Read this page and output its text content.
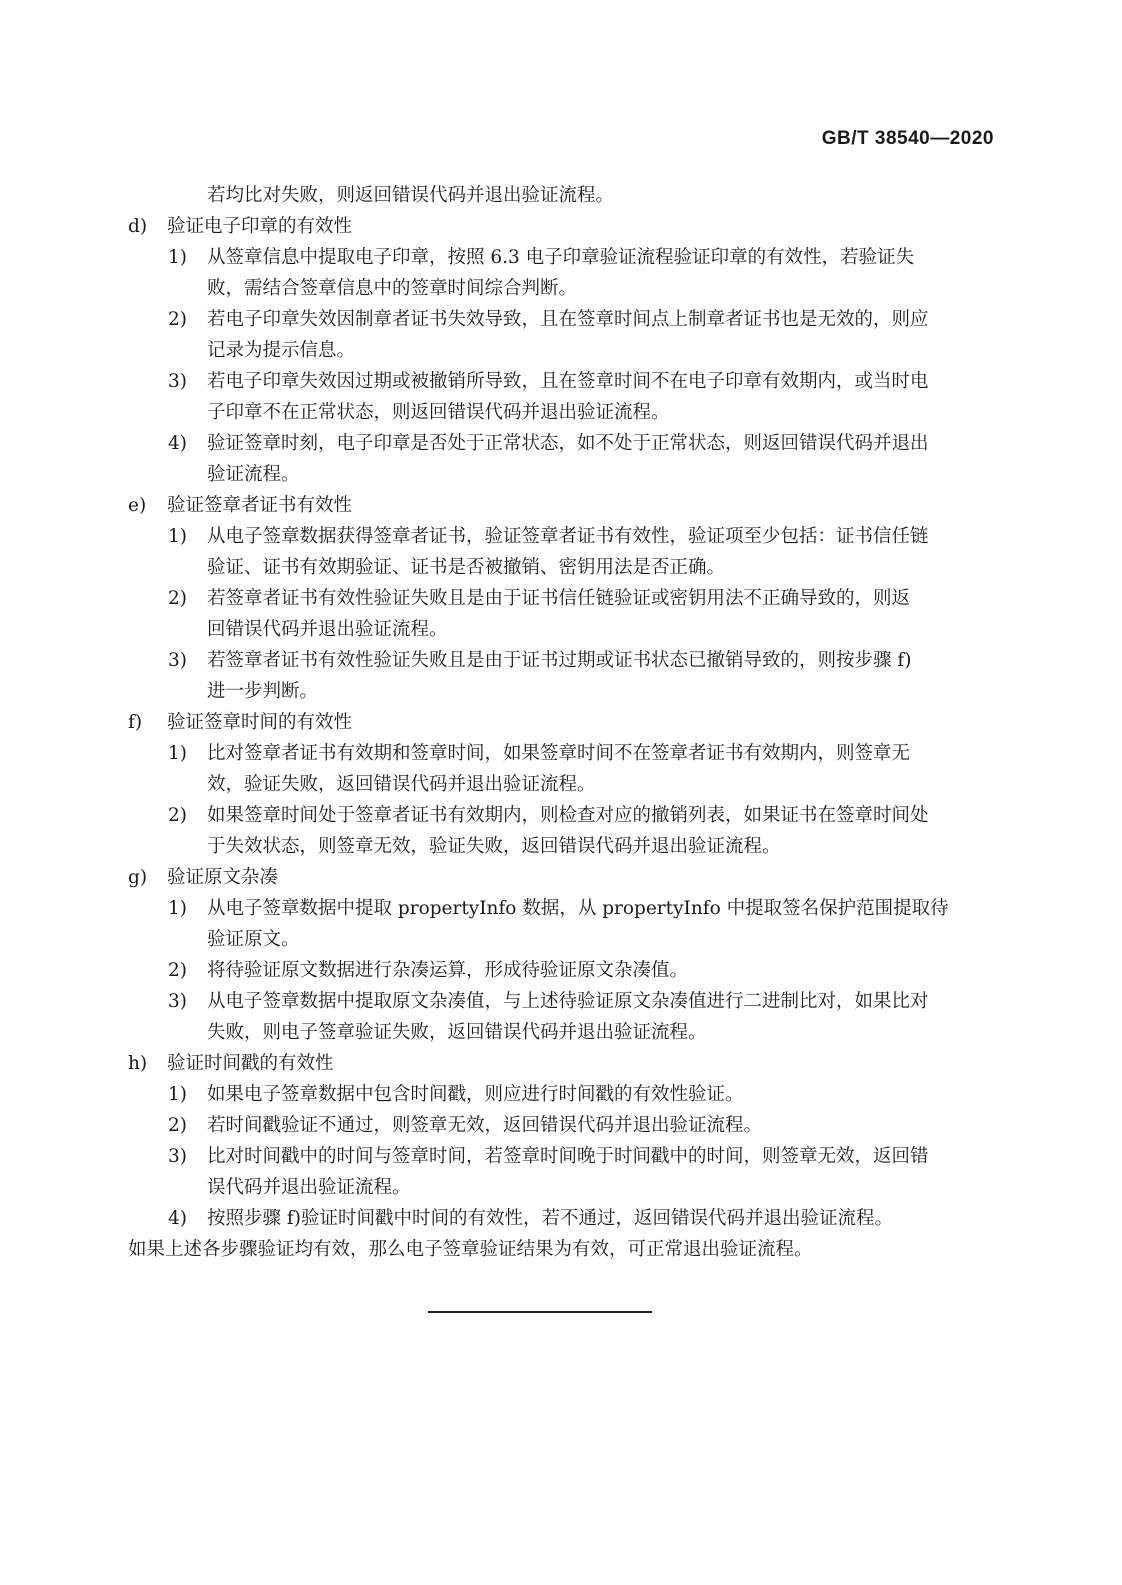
GB/T 38540—2020
若均比对失败，则返回错误代码并退出验证流程。
d) 验证电子印章的有效性
1) 从签章信息中提取电子印章，按照 6.3 电子印章验证流程验证印章的有效性，若验证失
败，需结合签章信息中的签章时间综合判断。
2) 若电子印章失效因制章者证书失效导致，且在签章时间点上制章者证书也是无效的，则应
记录为提示信息。
3) 若电子印章失效因过期或被撤销所导致，且在签章时间不在电子印章有效期内，或当时电
子印章不在正常状态，则返回错误代码并退出验证流程。
4) 验证签章时刻，电子印章是否处于正常状态，如不处于正常状态，则返回错误代码并退出
验证流程。
e) 验证签章者证书有效性
1) 从电子签章数据获得签章者证书，验证签章者证书有效性，验证项至少包括：证书信任链
验证、证书有效期验证、证书是否被撤销、密钥用法是否正确。
2) 若签章者证书有效性验证失败且是由于证书信任链验证或密钥用法不正确导致的，则返
回错误代码并退出验证流程。
3) 若签章者证书有效性验证失败且是由于证书过期或证书状态已撤销导致的，则按步骤 f)
进一步判断。
f) 验证签章时间的有效性
1) 比对签章者证书有效期和签章时间，如果签章时间不在签章者证书有效期内，则签章无
效，验证失败，返回错误代码并退出验证流程。
2) 如果签章时间处于签章者证书有效期内，则检查对应的撤销列表，如果证书在签章时间处
于失效状态，则签章无效，验证失败，返回错误代码并退出验证流程。
g) 验证原文杂凑
1) 从电子签章数据中提取 propertyInfo 数据，从 propertyInfo 中提取签名保护范围提取待
验证原文。
2) 将待验证原文数据进行杂凑运算，形成待验证原文杂凑值。
3) 从电子签章数据中提取原文杂凑值，与上述待验证原文杂凑值进行二进制比对，如果比对
失败，则电子签章验证失败，返回错误代码并退出验证流程。
h) 验证时间戳的有效性
1) 如果电子签章数据中包含时间戳，则应进行时间戳的有效性验证。
2) 若时间戳验证不通过，则签章无效，返回错误代码并退出验证流程。
3) 比对时间戳中的时间与签章时间，若签章时间晚于时间戳中的时间，则签章无效，返回错
误代码并退出验证流程。
4) 按照步骤 f)验证时间戳中时间的有效性，若不通过，返回错误代码并退出验证流程。
如果上述各步骤验证均有效，那么电子签章验证结果为有效，可正常退出验证流程。
